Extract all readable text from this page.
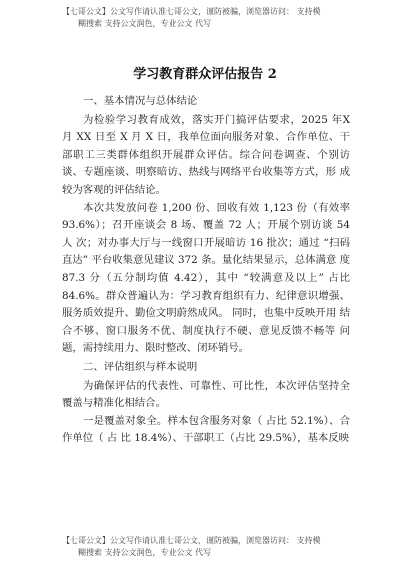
【七哥公文】公文写作请认准七哥公文，谨防被骗，浏览器访问： 支持模
糊搜索 支持公文润色，专业公文 代写
学习教育群众评估报告 2

一、基本情况与总体结论

为检验学习教育成效，落实开门搞评估要求，2025 年X 月 XX 日至 X 月 X 日，我单位面向服务对象、合作单位、干 部职工三类群体组织开展群众评估。综合问卷调查、个别访 谈、专题座谈、明察暗访、热线与网络平台收集等方式，形 成较为客观的评估结论。

本次共发放问卷 1,200 份、回收有效 1,123 份（有效率 93.6%）；召开座谈会 8 场、覆盖 72 人；开展个别访谈 54 人 次；对办事大厅与一线窗口开展暗访 16 批次；通过 “扫码 直达” 平台收集意见建议 372 条。量化结果显示，总体满意 度 87.3 分（五分制均值 4.42），其中 “较满意及以上” 占比 84.6%。群众普遍认为：学习教育组织有力、纪律意识增强、 服务质效提升、勤俭文明蔚然成风。 同时，也集中反映开用 结合不够、窗口服务不优、制度执行不硬、意见反馈不畅等 问题，需持续用力、限时整改、闭环销号。

二、评估组织与样本说明

为确保评估的代表性、可靠性、可比性，本次评估坚持全覆盖与精准化相结合。

一是覆盖对象全。样本包含服务对象（ 占比 52.1%）、合 作单位（ 占 比 18.4%）、干部职工（占比 29.5%），基本反映

【七哥公文】公文写作请认准七哥公文，谨防被骗，浏览器访问： 支持模
糊搜索 支持公文润色，专业公文 代写
